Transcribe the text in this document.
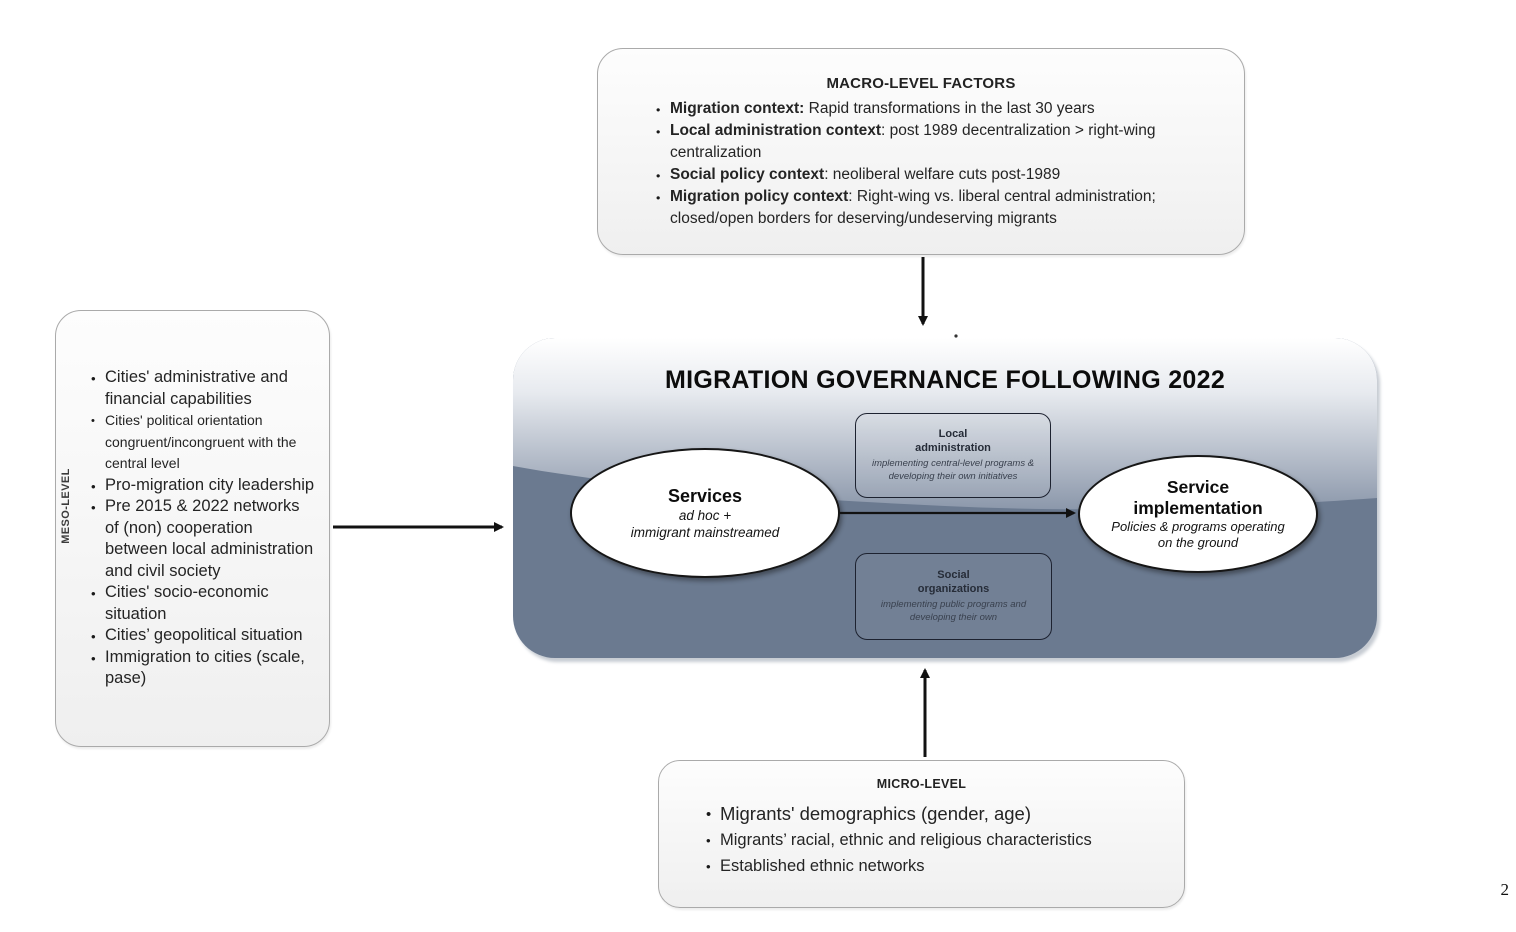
MACRO-LEVEL FACTORS
• Migration context: Rapid transformations in the last 30 years
• Local administration context: post 1989 decentralization > right-wing centralization
• Social policy context: neoliberal welfare cuts post-1989
• Migration policy context: Right-wing vs. liberal central administration; closed/open borders for deserving/undeserving migrants
MESO-LEVEL
• Cities' administrative and financial capabilities
• Cities' political orientation congruent/incongruent with the central level
• Pro-migration city leadership
• Pre 2015 & 2022 networks of (non) cooperation between local administration and civil society
• Cities' socio-economic situation
• Cities’ geopolitical situation
• Immigration to cities (scale, pase)
MICRO-LEVEL
• Migrants' demographics (gender, age)
• Migrants’ racial, ethnic and religious characteristics
• Established ethnic networks
MIGRATION GOVERNANCE FOLLOWING 2022
Services
ad hoc +
immigrant mainstreamed
Local
administration
implementing central-level programs &
developing their own initiatives
Social
organizations
implementing public programs and
developing their own
Service
implementation
Policies & programs operating
on the ground
2
